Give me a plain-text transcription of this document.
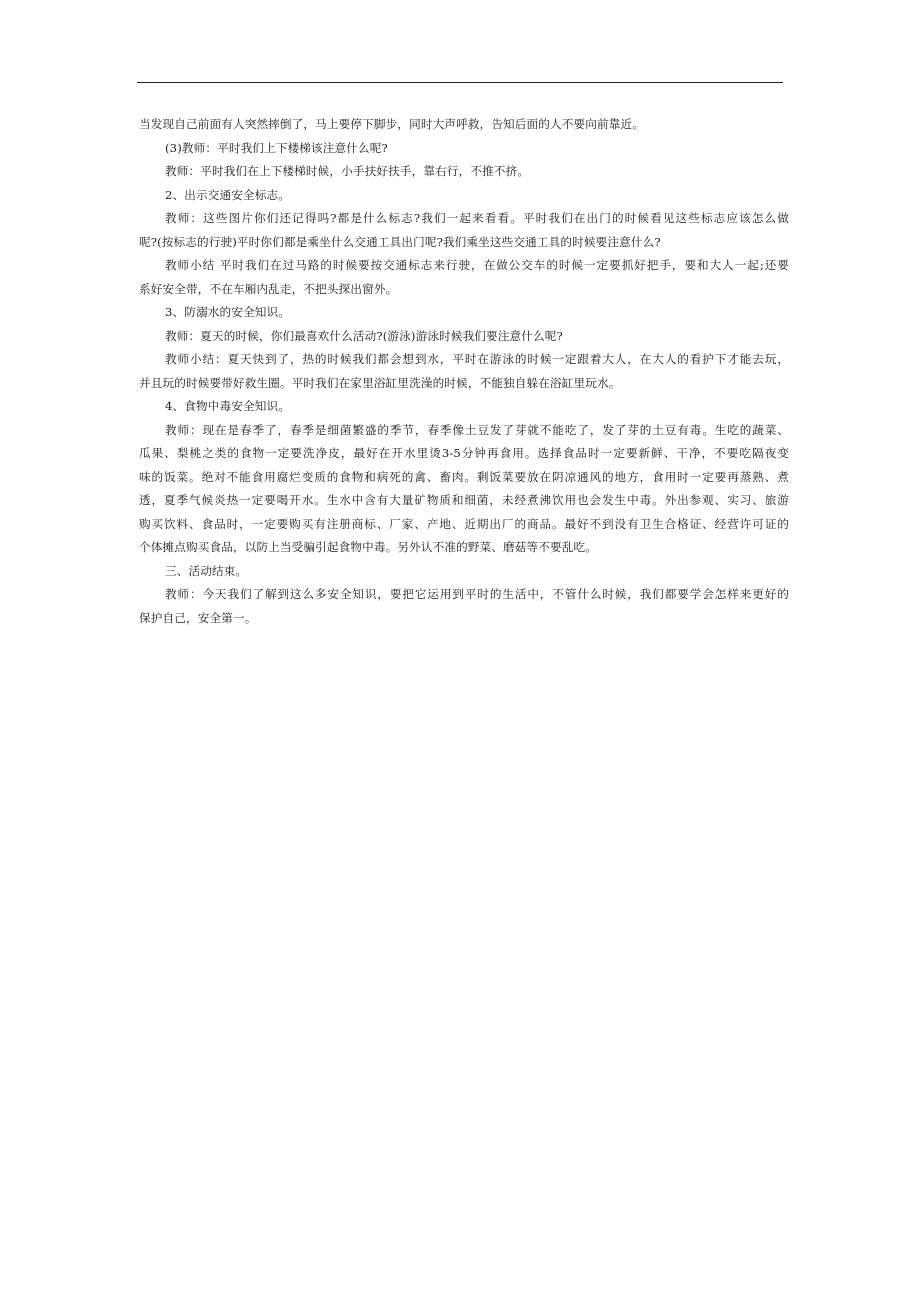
当发现自己前面有人突然摔倒了，马上要停下脚步，同时大声呼救，告知后面的人不要向前靠近。
(3)教师：平时我们上下楼梯该注意什么呢?
教师：平时我们在上下楼梯时候，小手扶好扶手，靠右行，不推不挤。
2、出示交通安全标志。
教师：这些图片你们还记得吗?都是什么标志?我们一起来看看。平时我们在出门的时候看见这些标志应该怎么做
呢?(按标志的行驶)平时你们都是乘坐什么交通工具出门呢?我们乘坐这些交通工具的时候要注意什么?
教师小结 平时我们在过马路的时候要按交通标志来行驶，在做公交车的时候一定要抓好把手，要和大人一起;还要
系好安全带，不在车厢内乱走，不把头探出窗外。
3、防溺水的安全知识。
教师：夏天的时候，你们最喜欢什么活动?(游泳)游泳时候我们要注意什么呢?
教师小结：夏天快到了，热的时候我们都会想到水，平时在游泳的时候一定跟着大人，在大人的看护下才能去玩，
并且玩的时候要带好救生圈。平时我们在家里浴缸里洗澡的时候，不能独自躲在浴缸里玩水。
4、食物中毒安全知识。
教师：现在是春季了，春季是细菌繁盛的季节，春季像土豆发了芽就不能吃了，发了芽的土豆有毒。生吃的蔬菜、
瓜果、梨桃之类的食物一定要洗净皮，最好在开水里烫3-5分钟再食用。选择食品时一定要新鲜、干净，不要吃隔夜变
味的饭菜。绝对不能食用腐烂变质的食物和病死的禽、畜肉。剩饭菜要放在阴凉通风的地方，食用时一定要再蒸熟、煮
透，夏季气候炎热一定要喝开水。生水中含有大量矿物质和细菌，未经煮沸饮用也会发生中毒。外出参观、实习、旅游
购买饮料、食品时，一定要购买有注册商标、厂家、产地、近期出厂的商品。最好不到没有卫生合格证、经营许可证的
个体摊点购买食品，以防上当受骗引起食物中毒。另外认不准的野菜、磨菇等不要乱吃。
三、活动结束。
教师：今天我们了解到这么多安全知识，要把它运用到平时的生活中，不管什么时候，我们都要学会怎样来更好的
保护自己，安全第一。
